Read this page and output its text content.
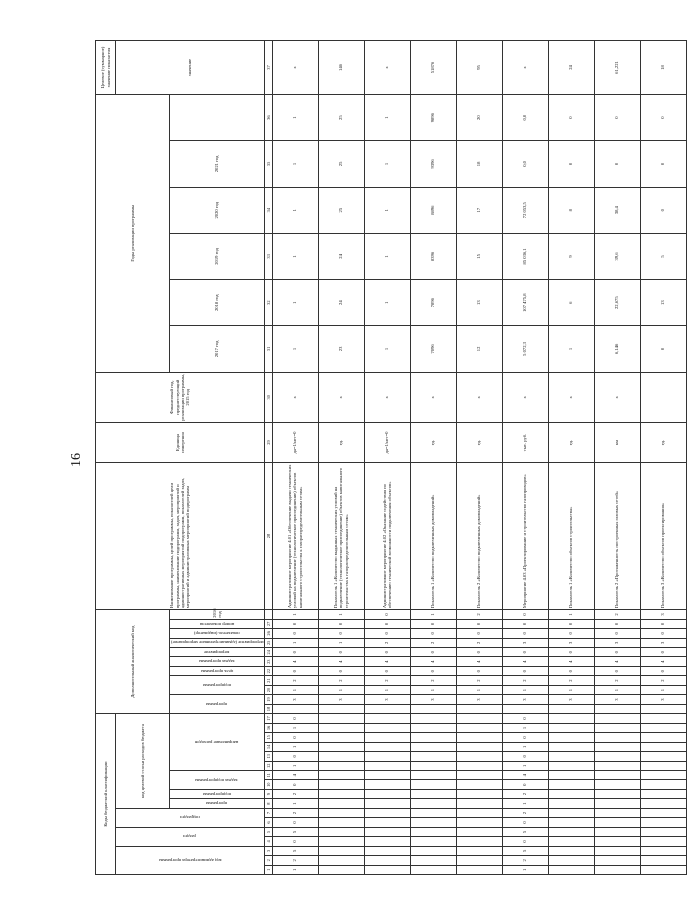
16
Коды бюджетной классификации																	Дополнительный аналитический код											Наименование программы, целей программы, показателей цели программы, наименование подпрограмм, задач, мероприятий и административных мероприятий подпрограмм, показателей задач, мероприятий и административных мероприятий подпрограмм	Единица измерения	Финансовый год, предшествующий реализации программы, 2015 год	Годы реализации программы						Целевое (суммарное) значение показателя

код администратора программы			раздел		подраздел		код целевой статьи расходов бюджета																														значение

							программа	подпрограмма	задача подпрограммы		направление расходов						программа		подпрограмма		цель программы	задача программы	мероприятие	мероприятие (административное мероприятие)	показатель (индикатор)	номер показателя	2016 год				2017 год	2018 год	2019 год	2020 год	2021 год		
1	2	3	4	5	6	7	8	9	10	11	12	13	14	15	16	17	18	19	20	21	22	23	24	25	26	27		28	29	30	31	32	33	34	35	36	37
1	2	5	0	5	0	2	1	2	0	4	1	0	1	0	1	0		3	1	2	0	4	0	1	0	0	1	Административное мероприятие 4.01 «Обеспечение выдачи технических условий на подключение (технологическое присоединение) объектов капитального строительства к газораспределительным сетям»	да=1/нет=0	х	1	1	1	1	1	1	х
																		3	1	2	0	4	0	1	0	0	1	Показатель 1 «Количество выданных технических условий на подключение (технологическое присоединение) объектов капитального строительства к газораспределительным сетям»	ед.	х	23	24	24	25	25	25	146
																		3	1	2	0	4	0	2	0	0	0	Административное мероприятие 4.02 «Оказание содействия по обеспечению технической возможности подключения объектов»	да=1/нет=0	х	1	1	1	1	1	1	х
																		3	1	2	0	4	0	2	0	0	1	Показатель 1 «Количество подключенных домовладений»	ед.	х	7096	7896	8396	8896	9396	9896	51876
																		3	1	2	0	4	0	2	0	0	2	Показатель 2 «Количество подключенных домовладений»	ед.	х	12	13	15	17	18	20	95
1	2	5	0	5	0	2	1	2	0	4	1	0	1	0	1	0		3	1	2	0	4	0	3	0	0	0	Мероприятие 4.03 «Проектирование и строительство газопроводов»	тыс. руб.	х	5 072,3	107 475,8	85 036,1	72 053,5	0,0	0,0	х
																		3	1	2	0	4	0	3	0	0	1	Показатель 1 «Количество объектов строительства»	ед.	х	1	6	9	8	0	0	24
																		3	1	2	0	4	0	3	0	0	2	Показатель 2 «Протяженность построенных газовых сетей»	км	х	6,146	22,675	39,6	38,4	0	0	61,221
																		3	1	2	0	4	0	3	0	0	3	Показатель 3 «Количество объектов проектирования»	ед.		0	13	5	0	0	0	18
